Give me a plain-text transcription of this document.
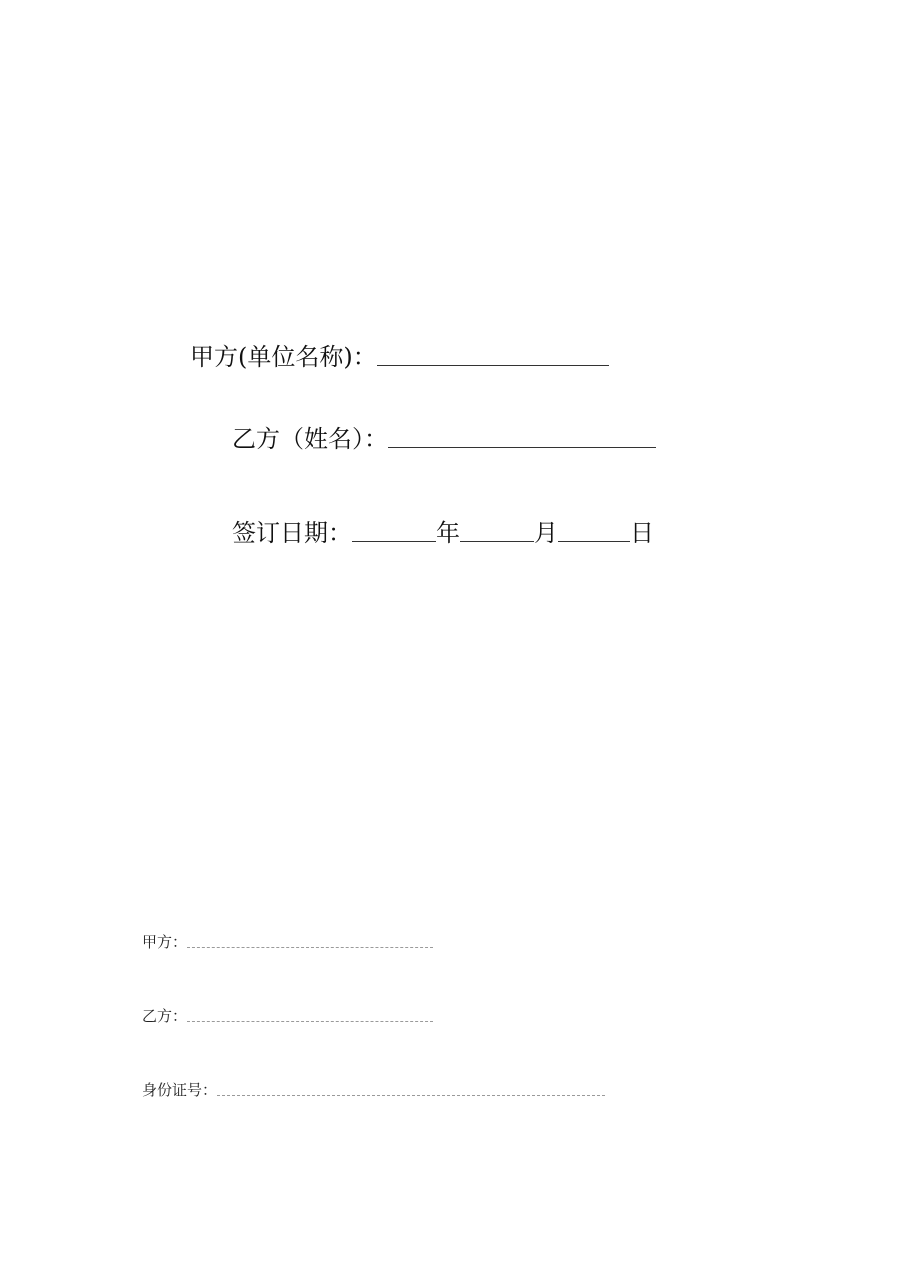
甲方(单位名称)：
乙方（姓名）：
签订日期：	年	月	日
甲方：
乙方：
身份证号：
